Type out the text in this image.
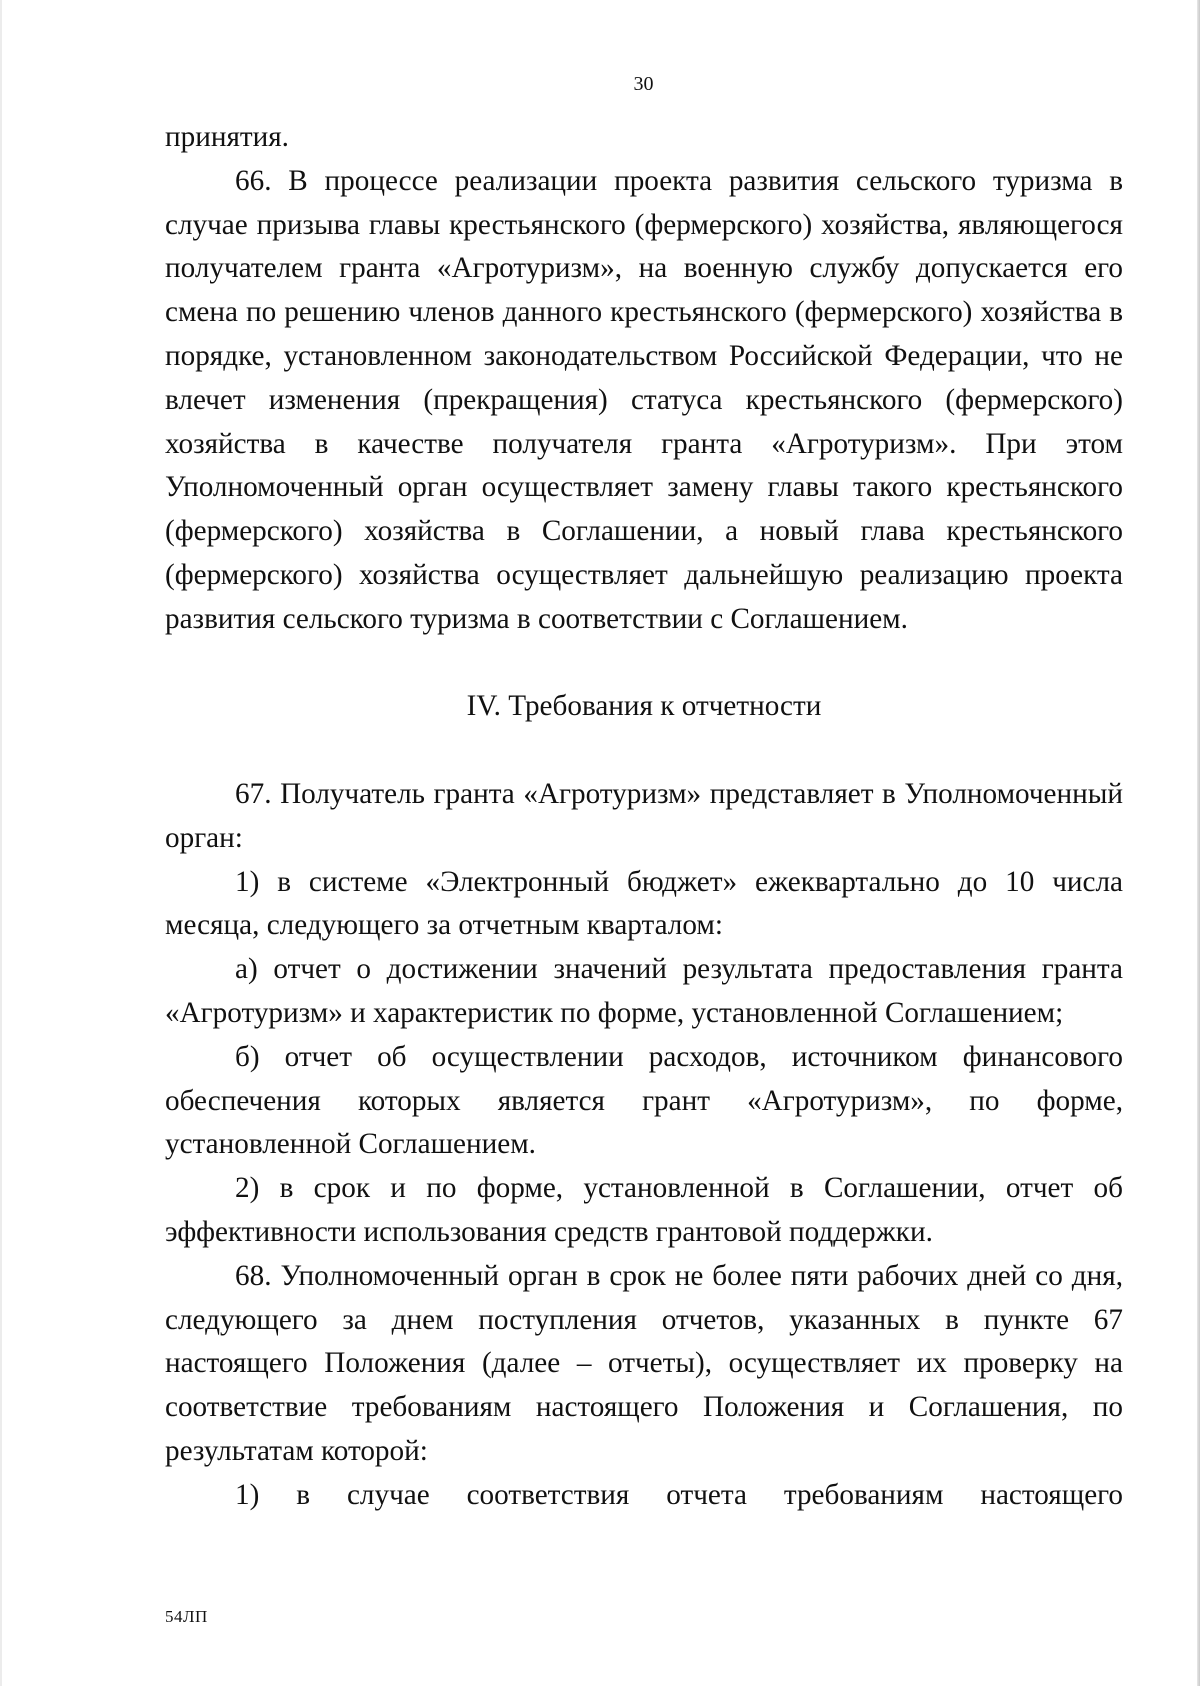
30

принятия.

66. В процессе реализации проекта развития сельского туризма в случае призыва главы крестьянского (фермерского) хозяйства, являющегося получателем гранта «Агротуризм», на военную службу допускается его смена по решению членов данного крестьянского (фермерского) хозяйства в порядке, установленном законодательством Российской Федерации, что не влечет изменения (прекращения) статуса крестьянского (фермерского) хозяйства в качестве получателя гранта «Агротуризм». При этом Уполномоченный орган осуществляет замену главы такого крестьянского (фермерского) хозяйства в Соглашении, а новый глава крестьянского (фермерского) хозяйства осуществляет дальнейшую реализацию проекта развития сельского туризма в соответствии с Соглашением.

IV. Требования к отчетности

67. Получатель гранта «Агротуризм» представляет в Уполномоченный орган:

1) в системе «Электронный бюджет» ежеквартально до 10 числа месяца, следующего за отчетным кварталом:

а) отчет о достижении значений результата предоставления гранта «Агротуризм» и характеристик по форме, установленной Соглашением;

б) отчет об осуществлении расходов, источником финансового обеспечения которых является грант «Агротуризм», по форме, установленной Соглашением.

2) в срок и по форме, установленной в Соглашении, отчет об эффективности использования средств грантовой поддержки.

68. Уполномоченный орган в срок не более пяти рабочих дней со дня, следующего за днем поступления отчетов, указанных в пункте 67 настоящего Положения (далее – отчеты), осуществляет их проверку на соответствие требованиям настоящего Положения и Соглашения, по результатам которой:

1) в случае соответствия отчета требованиям настоящего

54ЛП
